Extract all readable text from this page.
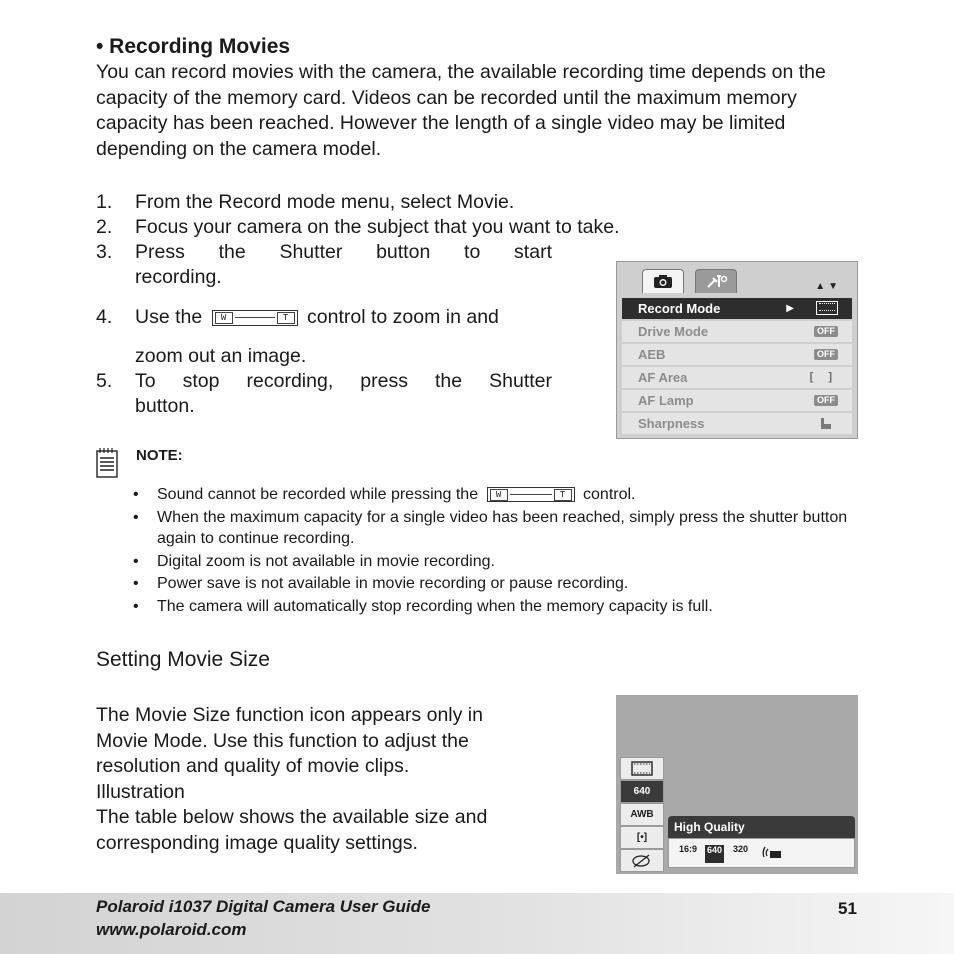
• Recording Movies
You can record movies with the camera, the available recording time depends on the capacity of the memory card. Videos can be recorded until the maximum memory capacity has been reached. However the length of a single video may be limited depending on the camera model.
1. From the Record mode menu, select Movie.
2. Focus your camera on the subject that you want to take.
3. Press the Shutter button to start
recording.
4. Use the	W	T control to zoom in and
zoom out an image.
5. To stop recording, press the Shutter
button.
▲▼
Record Mode	▶
Drive Mode	OFF
AEB	OFF
AF Area	[ ]
AF Lamp	OFF
Sharpness
NOTE:
• Sound cannot be recorded while pressing the	W	T	control.
• When the maximum capacity for a single video has been reached, simply press the shutter button again to continue recording.
• Digital zoom is not available in movie recording.
• Power save is not available in movie recording or pause recording.
• The camera will automatically stop recording when the memory capacity is full.
Setting Movie Size
The Movie Size function icon appears only in
Movie Mode. Use this function to adjust the
resolution and quality of movie clips.
Illustration
The table below shows the available size and
corresponding image quality settings.
640
AWB
[•]
High Quality
16:9 640 320
Polaroid i1037 Digital Camera User Guide
www.polaroid.com
51
